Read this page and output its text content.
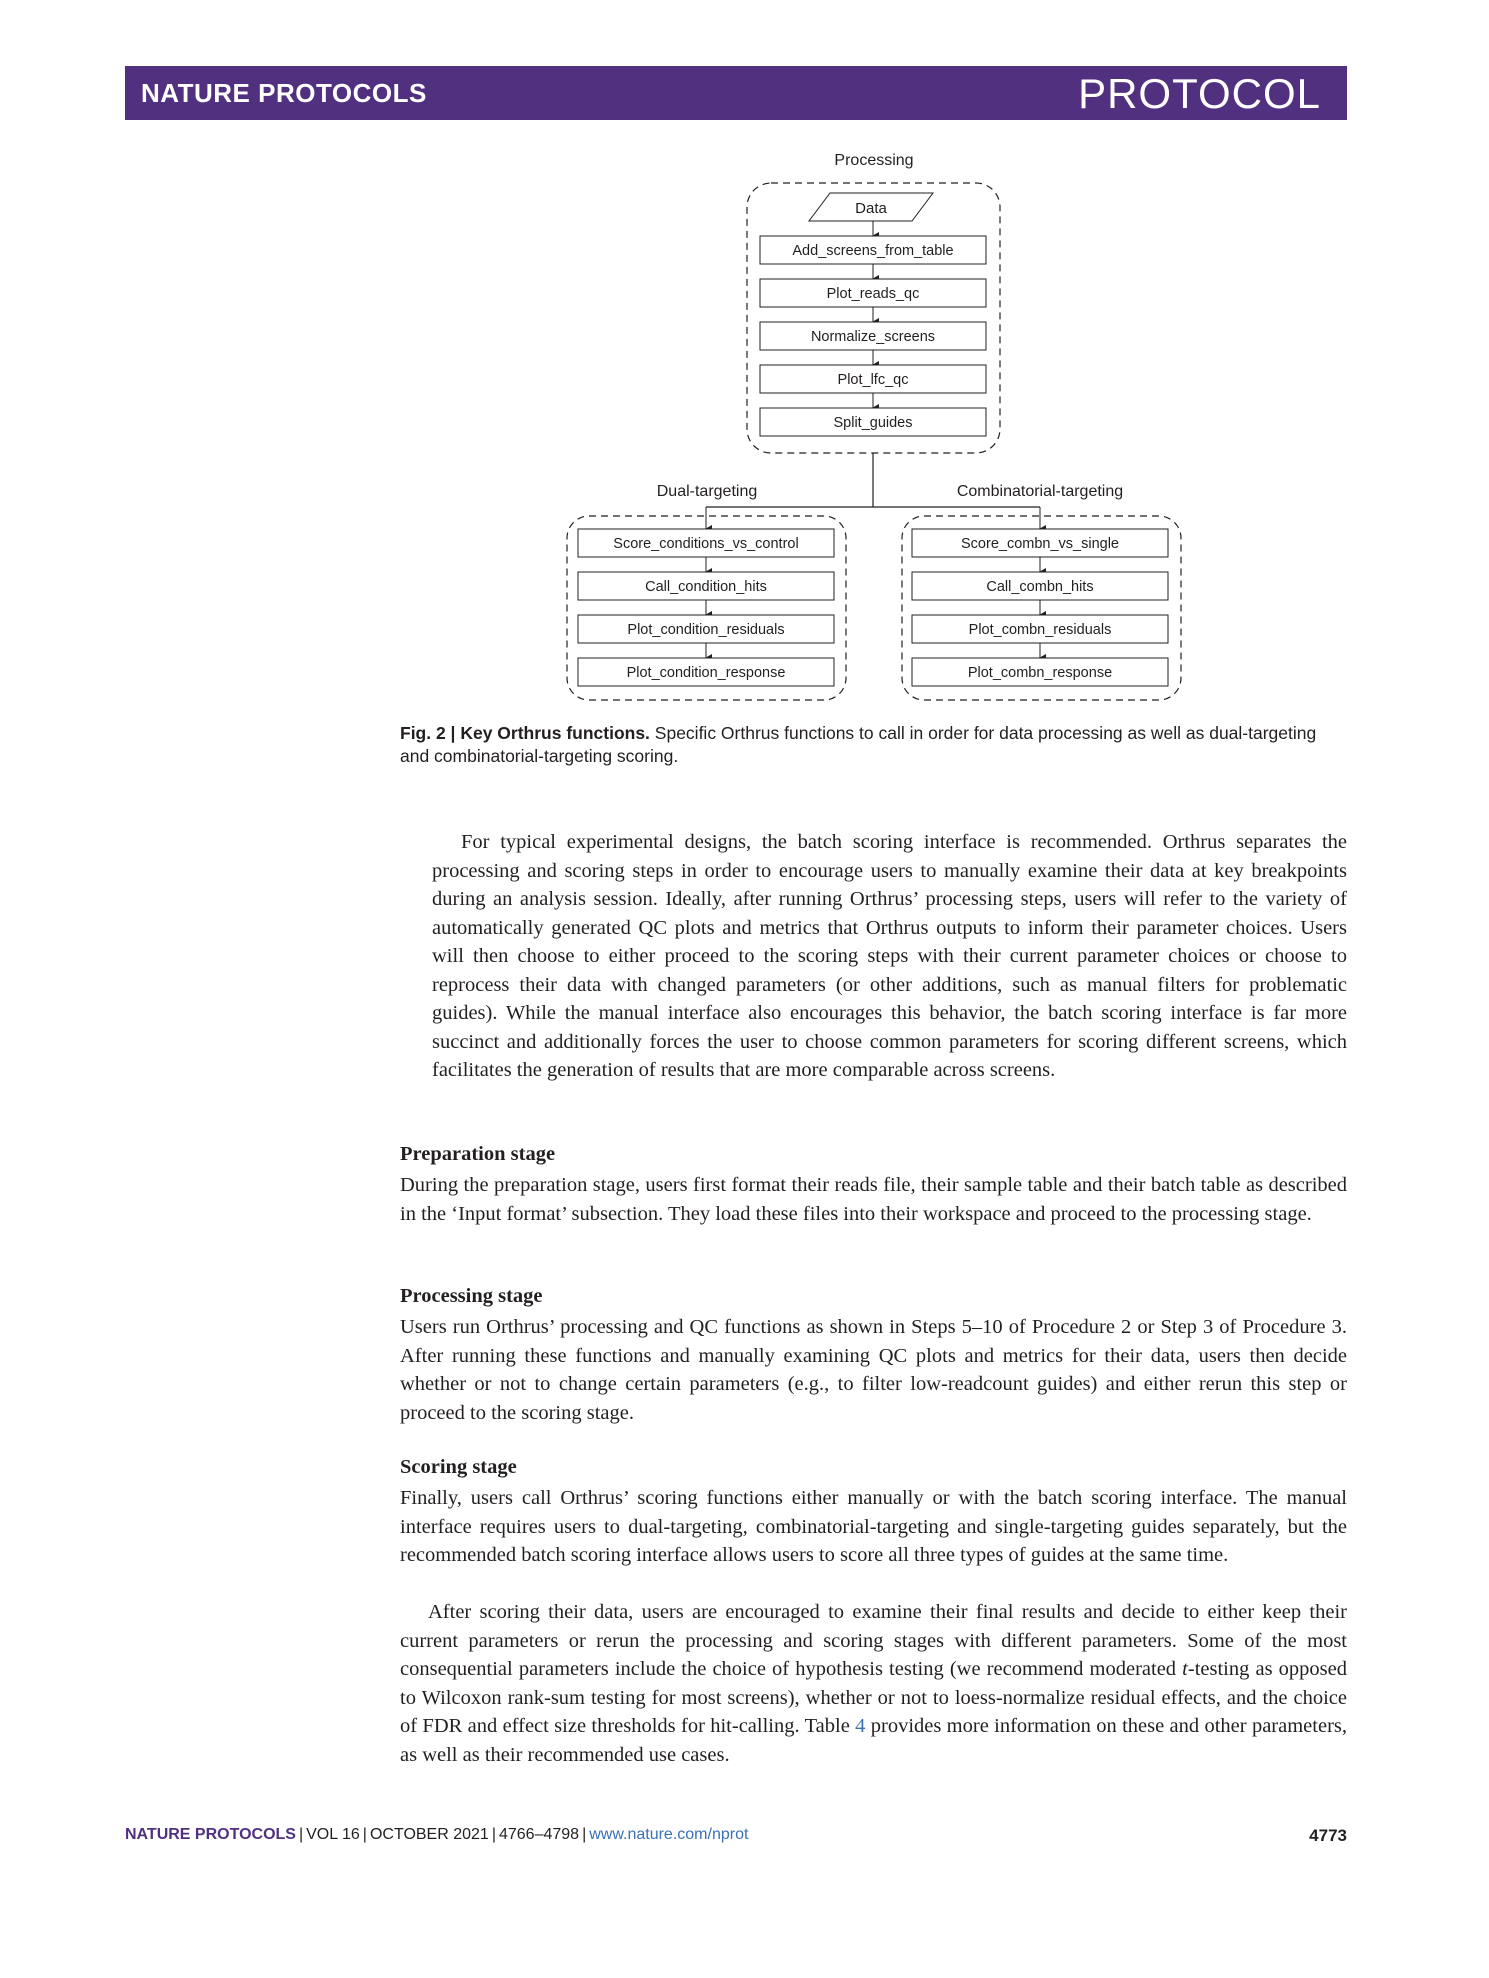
NATURE PROTOCOLS	PROTOCOL
Processing
Data
Add_screens_from_table
Plot_reads_qc
Normalize_screens
Plot_lfc_qc
Split_guides
Dual-targeting	Combinatorial-targeting
Score_conditions_vs_control
Call_condition_hits
Plot_condition_residuals
Plot_condition_response
Score_combn_vs_single
Call_combn_hits
Plot_combn_residuals
Plot_combn_response
Fig. 2 | Key Orthrus functions. Specific Orthrus functions to call in order for data processing as well as dual-targeting and combinatorial-targeting scoring.
For typical experimental designs, the batch scoring interface is recommended. Orthrus separates the processing and scoring steps in order to encourage users to manually examine their data at key breakpoints during an analysis session. Ideally, after running Orthrus’ processing steps, users will refer to the variety of automatically generated QC plots and metrics that Orthrus outputs to inform their parameter choices. Users will then choose to either proceed to the scoring steps with their current parameter choices or choose to reprocess their data with changed parameters (or other additions, such as manual filters for problematic guides). While the manual interface also encourages this behavior, the batch scoring interface is far more succinct and additionally forces the user to choose common parameters for scoring different screens, which facilitates the generation of results that are more comparable across screens.
Preparation stage
During the preparation stage, users first format their reads file, their sample table and their batch table as described in the ‘Input format’ subsection. They load these files into their workspace and proceed to the processing stage.
Processing stage
Users run Orthrus’ processing and QC functions as shown in Steps 5–10 of Procedure 2 or Step 3 of Procedure 3. After running these functions and manually examining QC plots and metrics for their data, users then decide whether or not to change certain parameters (e.g., to filter low-readcount guides) and either rerun this step or proceed to the scoring stage.
Scoring stage
Finally, users call Orthrus’ scoring functions either manually or with the batch scoring interface. The manual interface requires users to dual-targeting, combinatorial-targeting and single-targeting guides separately, but the recommended batch scoring interface allows users to score all three types of guides at the same time.
After scoring their data, users are encouraged to examine their final results and decide to either keep their current parameters or rerun the processing and scoring stages with different parameters. Some of the most consequential parameters include the choice of hypothesis testing (we recommend moderated t-testing as opposed to Wilcoxon rank-sum testing for most screens), whether or not to loess-normalize residual effects, and the choice of FDR and effect size thresholds for hit-calling. Table 4 provides more information on these and other parameters, as well as their recommended use cases.
NATURE PROTOCOLS | VOL 16 | OCTOBER 2021 | 4766–4798 | www.nature.com/nprot	4773
